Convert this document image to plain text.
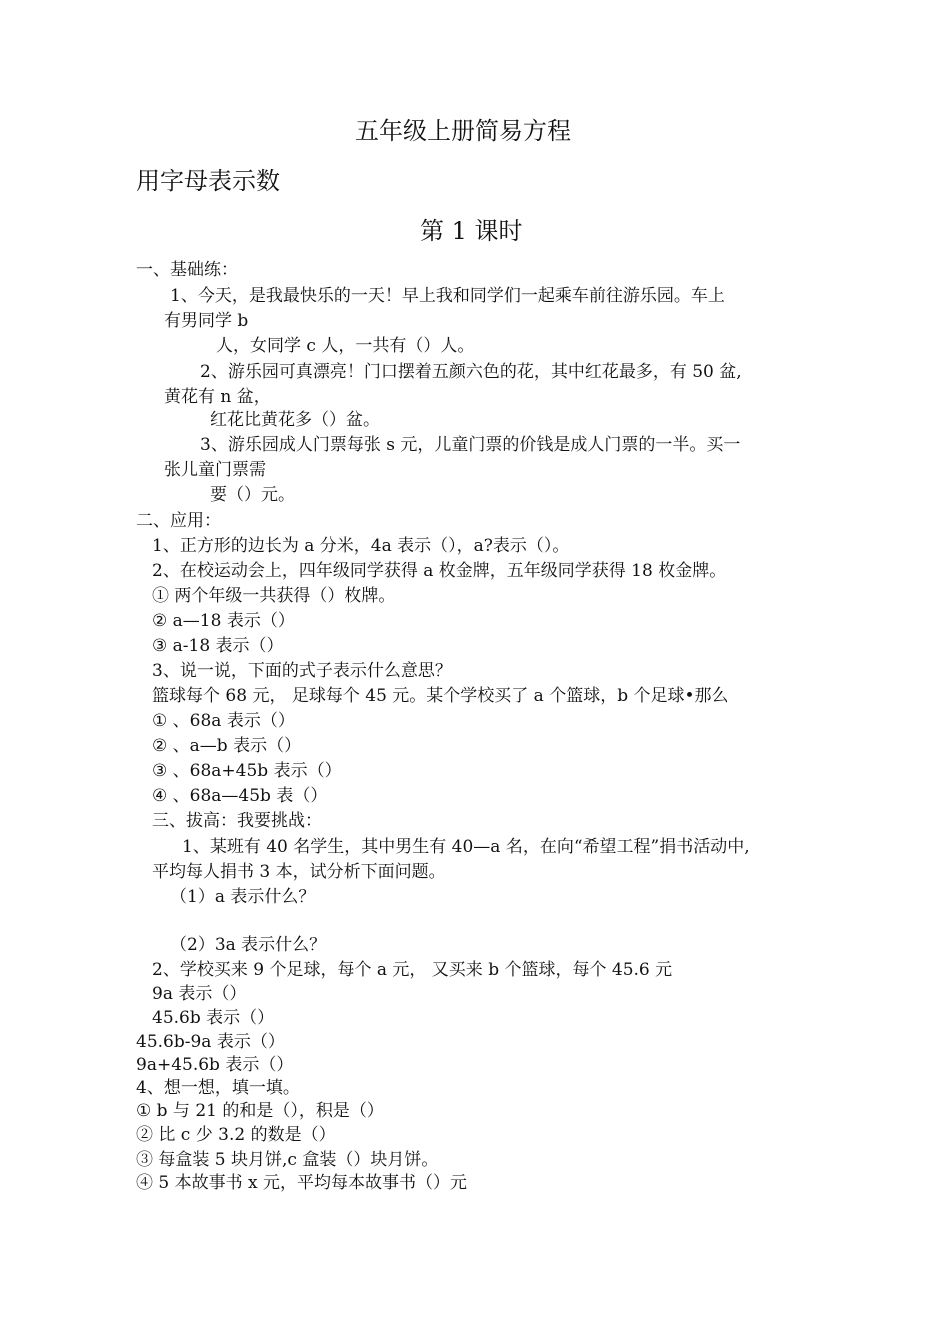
五年级上册简易方程
用字母表示数
第 1 课时
一、基础练：
1、今天，是我最快乐的一天！早上我和同学们一起乘车前往游乐园。车上
有男同学 b
人，女同学 c 人，一共有（）人。
2、游乐园可真漂亮！门口摆着五颜六色的花，其中红花最多，有 50 盆,
黄花有 n 盆，
红花比黄花多（）盆。
3、游乐园成人门票每张 s 元，儿童门票的价钱是成人门票的一半。买一
张儿童门票需
要（）元。
二、应用：
1、正方形的边长为 a 分米，4a 表示（），a?表示（）。
2、在校运动会上，四年级同学获得 a 枚金牌，五年级同学获得 18 枚金牌。
① 两个年级一共获得（）枚牌。
② a—18 表示（）
③ a-18 表示（）
3、说一说，下面的式子表示什么意思？
篮球每个 68 元， 足球每个 45 元。某个学校买了 a 个篮球，b 个足球•那么
① 、68a 表示（）
② 、a—b 表示（）
③ 、68a+45b 表示（）
④ 、68a—45b 表（）
三、拔高：我要挑战：
1、某班有 40 名学生，其中男生有 40—a 名，在向“希望工程”捐书活动中,
平均每人捐书 3 本，试分析下面问题。
（1）a 表示什么？
（2）3a 表示什么？
2、学校买来 9 个足球，每个 a 元， 又买来 b 个篮球，每个 45.6 元
9a 表示（）
45.6b 表示（）
45.6b-9a 表示（）
9a+45.6b 表示（）
4、想一想，填一填。
① b 与 21 的和是（），积是（）
② 比 c 少 3.2 的数是（）
③ 每盒装 5 块月饼,c 盒装（）块月饼。
④ 5 本故事书 x 元，平均每本故事书（）元
